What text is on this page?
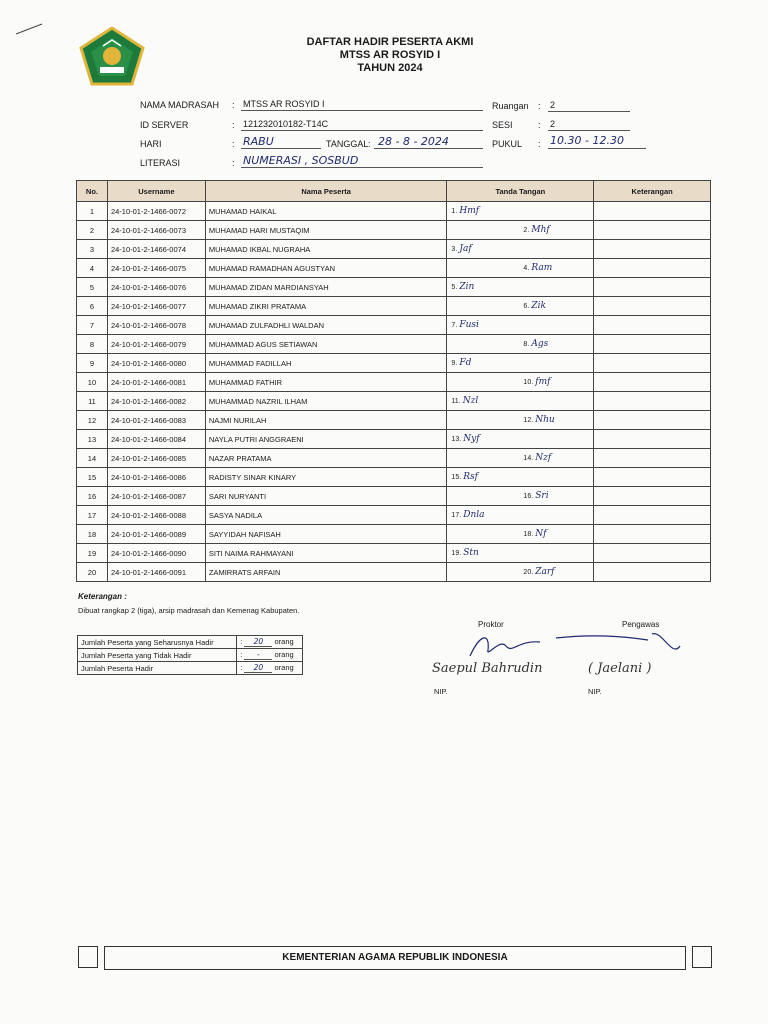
DAFTAR HADIR PESERTA AKMI
MTSS AR ROSYID I
TAHUN 2024
NAMA MADRASAH : MTSS AR ROSYID I
ID SERVER	: 121232010182-T14C
HARI	: RABU	TANGGAL : 28 - 8 - 2024
LITERASI	: NUMERASI , SOSBUD
Ruangan : 2
SESI	: 2
PUKUL : 10.30 - 12.30
No.	Username	Nama Peserta	Tanda Tangan	Keterangan
1	24-10-01-2-1466-0072	MUHAMAD HAIKAL	1. Hmf	
2	24-10-01-2-1466-0073	MUHAMAD HARI MUSTAQIM	2. Mhf	
3	24-10-01-2-1466-0074	MUHAMAD IKBAL NUGRAHA	3. Jaf	
4	24-10-01-2-1466-0075	MUHAMAD RAMADHAN AGUSTYAN	4. Ram	
5	24-10-01-2-1466-0076	MUHAMAD ZIDAN MARDIANSYAH	5. Zin	
6	24-10-01-2-1466-0077	MUHAMAD ZIKRI PRATAMA	6. Zik	
7	24-10-01-2-1466-0078	MUHAMAD ZULFADHLI WALDAN	7. Fusi	
8	24-10-01-2-1466-0079	MUHAMMAD AGUS SETIAWAN	8. Ags	
9	24-10-01-2-1466-0080	MUHAMMAD FADILLAH	9. Fd	
10	24-10-01-2-1466-0081	MUHAMMAD FATHIR	10. fmf	
11	24-10-01-2-1466-0082	MUHAMMAD NAZRIL ILHAM	11. Nzl	
12	24-10-01-2-1466-0083	NAJMI NURILAH	12. Nhu	
13	24-10-01-2-1466-0084	NAYLA PUTRI ANGGRAENI	13. Nyf	
14	24-10-01-2-1466-0085	NAZAR PRATAMA	14. Nzf	
15	24-10-01-2-1466-0086	RADISTY SINAR KINARY	15. Rsf	
16	24-10-01-2-1466-0087	SARI NURYANTI	16. Sri	
17	24-10-01-2-1466-0088	SASYA NADILA	17. Dnla	
18	24-10-01-2-1466-0089	SAYYIDAH NAFISAH	18. Nf	
19	24-10-01-2-1466-0090	SITI NAIMA RAHMAYANI	19. Stn	
20	24-10-01-2-1466-0091	ZAMIRRATS ARFAIN	20. Zarf	
Keterangan :
Dibuat rangkap 2 (tiga), arsip madrasah dan Kemenag Kabupaten.
Jumlah Peserta yang Seharusnya Hadir	: 20 orang
Jumlah Peserta yang Tidak Hadir	: - orang
Jumlah Peserta Hadir	: 20 orang
Proktor
Saepul Bahrudin
NIP.
Pengawas
( Jaelani )
NIP.
KEMENTERIAN AGAMA REPUBLIK INDONESIA
